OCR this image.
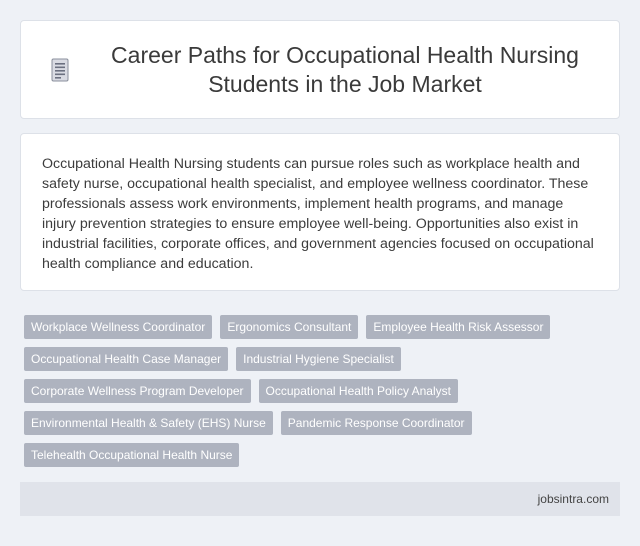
Career Paths for Occupational Health Nursing Students in the Job Market

Occupational Health Nursing students can pursue roles such as workplace health and safety nurse, occupational health specialist, and employee wellness coordinator. These professionals assess work environments, implement health programs, and manage injury prevention strategies to ensure employee well-being. Opportunities also exist in industrial facilities, corporate offices, and government agencies focused on occupational health compliance and education.

Workplace Wellness Coordinator	Ergonomics Consultant	Employee Health Risk Assessor
Occupational Health Case Manager	Industrial Hygiene Specialist
Corporate Wellness Program Developer	Occupational Health Policy Analyst
Environmental Health & Safety (EHS) Nurse	Pandemic Response Coordinator
Telehealth Occupational Health Nurse
jobsintra.com
